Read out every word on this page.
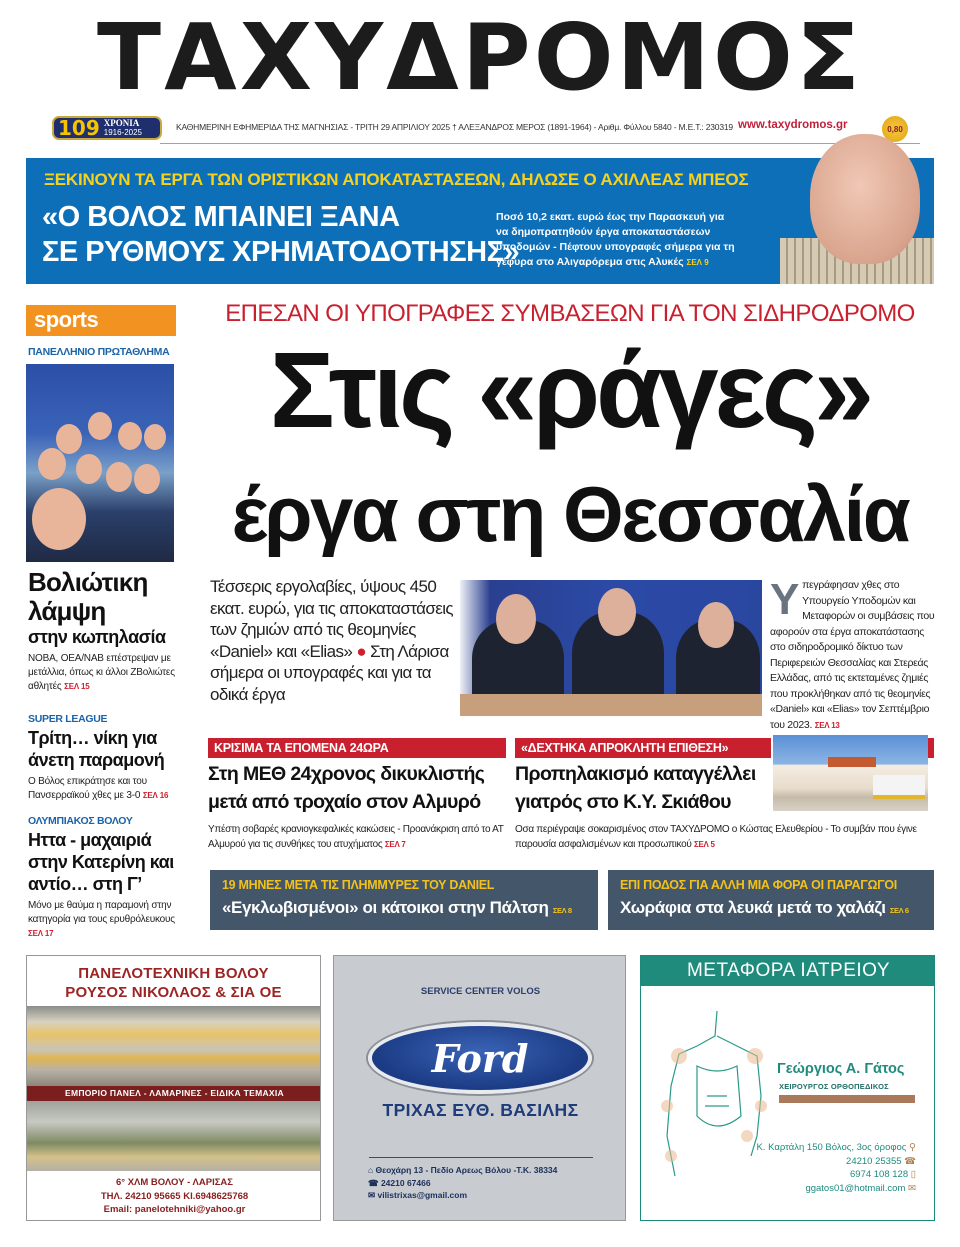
ΤΑΧΥΔΡΟΜΟΣ
109 ΧΡΟΝΙΑ
1916-2025
ΚΑΘΗΜΕΡΙΝΗ ΕΦΗΜΕΡΙΔΑ ΤΗΣ ΜΑΓΝΗΣΙΑΣ - ΤΡΙΤΗ 29 ΑΠΡΙΛΙΟΥ 2025 † ΑΛΕΞΑΝΔΡΟΣ ΜΕΡΟΣ (1891-1964) - Αριθμ. Φύλλου 5840 - Μ.Ε.Τ.: 230319 www.taxydromos.gr	0,80
ΞΕΚΙΝΟΥΝ ΤΑ ΕΡΓΑ ΤΩΝ ΟΡΙΣΤΙΚΩΝ ΑΠΟΚΑΤΑΣΤΑΣΕΩΝ, ΔΗΛΩΣΕ Ο ΑΧΙΛΛΕΑΣ ΜΠΕΟΣ
«Ο ΒΟΛΟΣ ΜΠΑΙΝΕΙ ΞΑΝΑ
ΣΕ ΡΥΘΜΟΥΣ ΧΡΗΜΑΤΟΔΟΤΗΣΗΣ»
Ποσό 10,2 εκατ. ευρώ έως την Παρασκευή για να δημοπρατηθούν έργα αποκαταστάσεων υποδομών - Πέφτουν υπογραφές σήμερα για τη γέφυρα στο Αλιγαρόρεμα στις Αλυκές ΣΕΛ 9
sports
ΠΑΝΕΛΛΗΝΙΟ ΠΡΩΤΑΘΛΗΜΑ
Βολιώτικη λάμψη
στην κωπηλασία
ΝΟΒΑ, ΟΕΑ/ΝΑΒ επέστρεψαν με μετάλλια, όπως κι άλλοι ΖΒολιώτες αθλητές ΣΕΛ 15
SUPER LEAGUE
Τρίτη… νίκη για άνετη παραμονή
Ο Βόλος επικράτησε και του Πανσερραϊκού χθες με 3-0 ΣΕΛ 16
ΟΛΥΜΠΙΑΚΟΣ ΒΟΛΟΥ
Ηττα - μαχαιριά στην Κατερίνη και αντίο… στη Γ’
Μόνο με θαύμα η παραμονή στην κατηγορία για τους ερυθρόλευκους ΣΕΛ 17
ΕΠΕΣΑΝ ΟΙ ΥΠΟΓΡΑΦΕΣ ΣΥΜΒΑΣΕΩΝ ΓΙΑ ΤΟΝ ΣΙΔΗΡΟΔΡΟΜΟ
Στις «ράγες»
έργα στη Θεσσαλία
Τέσσερις εργολαβίες, ύψους 450 εκατ. ευρώ, για τις αποκαταστάσεις των ζημιών από τις θεομηνίες «Daniel» και «Elias» ● Στη Λάρισα σήμερα οι υπογραφές και για τα οδικά έργα
Υ πεγράφησαν χθες στο Υπουργείο Υποδομών και Μεταφορών οι συμβάσεις που αφορούν στα έργα αποκατάστασης στο σιδηροδρομικό δίκτυο των Περιφερειών Θεσσαλίας και Στερεάς Ελλάδας, από τις εκτεταμένες ζημιές που προκλήθηκαν από τις θεομηνίες «Daniel» και «Elias» τον Σεπτέμβριο του 2023. ΣΕΛ 13
ΚΡΙΣΙΜΑ ΤΑ ΕΠΟΜΕΝΑ 24ΩΡΑ
Στη ΜΕΘ 24χρονος δικυκλιστής
μετά από τροχαίο στον Αλμυρό
Υπέστη σοβαρές κρανιογκεφαλικές κακώσεις - Προανάκριση από το ΑΤ Αλμυρού για τις συνθήκες του ατυχήματος ΣΕΛ 7
«ΔΕΧΤΗΚΑ ΑΠΡΟΚΛΗΤΗ ΕΠΙΘΕΣΗ»
Προπηλακισμό καταγγέλλει
γιατρός στο Κ.Υ. Σκιάθου
Οσα περιέγραψε σοκαρισμένος στον ΤΑΧΥΔΡΟΜΟ ο Κώστας Ελευθερίου - Το συμβάν που έγινε παρουσία ασφαλισμένων και προσωπικού ΣΕΛ 5
19 ΜΗΝΕΣ ΜΕΤΑ ΤΙΣ ΠΛΗΜΜΥΡΕΣ ΤΟΥ DANIEL
«Εγκλωβισμένοι» οι κάτοικοι στην Πάλτση ΣΕΛ 8
ΕΠΙ ΠΟΔΟΣ ΓΙΑ ΑΛΛΗ ΜΙΑ ΦΟΡΑ ΟΙ ΠΑΡΑΓΩΓΟΙ
Χωράφια στα λευκά μετά το χαλάζι ΣΕΛ 6
ΠΑΝΕΛΟΤΕΧΝΙΚΗ ΒΟΛΟΥ
ΡΟΥΣΟΣ ΝΙΚΟΛΑΟΣ & ΣΙΑ ΟΕ
ΕΜΠΟΡΙΟ ΠΑΝΕΛ - ΛΑΜΑΡΙΝΕΣ - ΕΙΔΙΚΑ ΤΕΜΑΧΙΑ
6° ΧΛΜ ΒΟΛΟΥ - ΛΑΡΙΣΑΣ
ΤΗΛ. 24210 95665 ΚΙ.6948625768
Email: panelotehniki@yahoo.gr
SERVICE CENTER VOLOS
Ford
ΤΡΙΧΑΣ ΕΥΘ. ΒΑΣΙΛΗΣ
⌂ Θεοχάρη 13 - Πεδίο Αρεως Βόλου -Τ.Κ. 38334
☎ 24210 67466
✉ vilistrixas@gmail.com
ΜΕΤΑΦΟΡΑ ΙΑΤΡΕΙΟΥ
Γεώργιος Α. Γάτος
ΧΕΙΡΟΥΡΓΟΣ ΟΡΘΟΠΕΔΙΚΟΣ
Κ. Καρτάλη 150 Βόλος, 3ος όροφος ⚲
24210 25355 ☎
6974 108 128 ▯
ggatos01@hotmail.com ✉
